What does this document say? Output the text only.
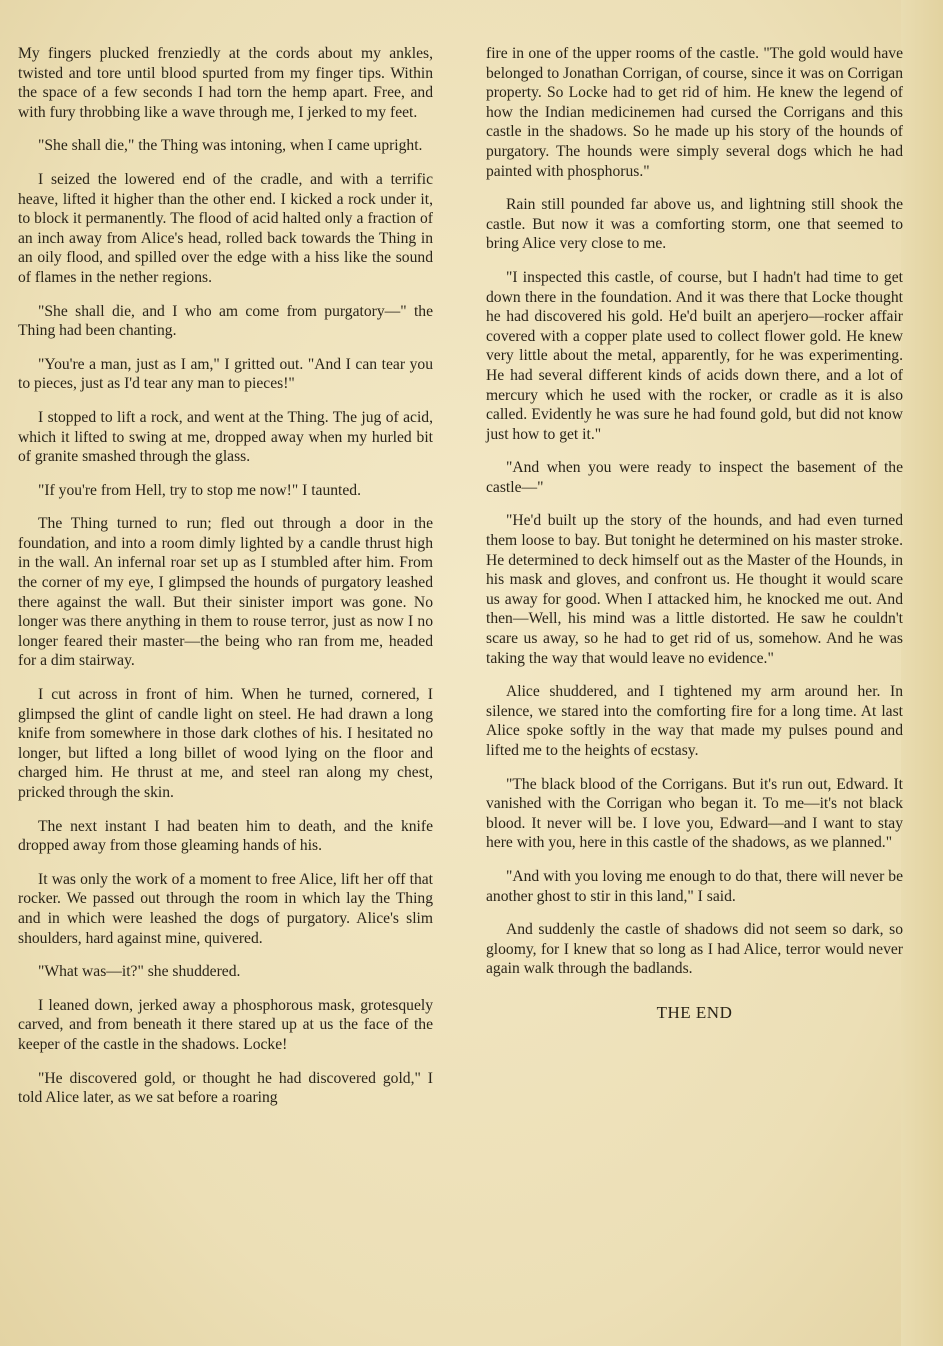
My fingers plucked frenziedly at the cords about my ankles, twisted and tore until blood spurted from my finger tips. Within the space of a few seconds I had torn the hemp apart. Free, and with fury throbbing like a wave through me, I jerked to my feet.

"She shall die," the Thing was intoning, when I came upright.

I seized the lowered end of the cradle, and with a terrific heave, lifted it higher than the other end. I kicked a rock under it, to block it permanently. The flood of acid halted only a fraction of an inch away from Alice's head, rolled back towards the Thing in an oily flood, and spilled over the edge with a hiss like the sound of flames in the nether regions.

"She shall die, and I who am come from purgatory—" the Thing had been chanting.

"You're a man, just as I am," I gritted out. "And I can tear you to pieces, just as I'd tear any man to pieces!"

I stopped to lift a rock, and went at the Thing. The jug of acid, which it lifted to swing at me, dropped away when my hurled bit of granite smashed through the glass.

"If you're from Hell, try to stop me now!" I taunted.

The Thing turned to run; fled out through a door in the foundation, and into a room dimly lighted by a candle thrust high in the wall. An infernal roar set up as I stumbled after him. From the corner of my eye, I glimpsed the hounds of purgatory leashed there against the wall. But their sinister import was gone. No longer was there anything in them to rouse terror, just as now I no longer feared their master—the being who ran from me, headed for a dim stairway.

I cut across in front of him. When he turned, cornered, I glimpsed the glint of candle light on steel. He had drawn a long knife from somewhere in those dark clothes of his. I hesitated no longer, but lifted a long billet of wood lying on the floor and charged him. He thrust at me, and steel ran along my chest, pricked through the skin.

The next instant I had beaten him to death, and the knife dropped away from those gleaming hands of his.

It was only the work of a moment to free Alice, lift her off that rocker. We passed out through the room in which lay the Thing and in which were leashed the dogs of purgatory. Alice's slim shoulders, hard against mine, quivered.

"What was—it?" she shuddered.

I leaned down, jerked away a phosphorous mask, grotesquely carved, and from beneath it there stared up at us the face of the keeper of the castle in the shadows. Locke!

"He discovered gold, or thought he had discovered gold," I told Alice later, as we sat before a roaring

fire in one of the upper rooms of the castle. "The gold would have belonged to Jonathan Corrigan, of course, since it was on Corrigan property. So Locke had to get rid of him. He knew the legend of how the Indian medicinemen had cursed the Corrigans and this castle in the shadows. So he made up his story of the hounds of purgatory. The hounds were simply several dogs which he had painted with phosphorus."

Rain still pounded far above us, and lightning still shook the castle. But now it was a comforting storm, one that seemed to bring Alice very close to me.

"I inspected this castle, of course, but I hadn't had time to get down there in the foundation. And it was there that Locke thought he had discovered his gold. He'd built an aperjero—rocker affair covered with a copper plate used to collect flower gold. He knew very little about the metal, apparently, for he was experimenting. He had several different kinds of acids down there, and a lot of mercury which he used with the rocker, or cradle as it is also called. Evidently he was sure he had found gold, but did not know just how to get it."

"And when you were ready to inspect the basement of the castle—"

"He'd built up the story of the hounds, and had even turned them loose to bay. But tonight he determined on his master stroke. He determined to deck himself out as the Master of the Hounds, in his mask and gloves, and confront us. He thought it would scare us away for good. When I attacked him, he knocked me out. And then—Well, his mind was a little distorted. He saw he couldn't scare us away, so he had to get rid of us, somehow. And he was taking the way that would leave no evidence."

Alice shuddered, and I tightened my arm around her. In silence, we stared into the comforting fire for a long time. At last Alice spoke softly in the way that made my pulses pound and lifted me to the heights of ecstasy.

"The black blood of the Corrigans. But it's run out, Edward. It vanished with the Corrigan who began it. To me—it's not black blood. It never will be. I love you, Edward—and I want to stay here with you, here in this castle of the shadows, as we planned."

"And with you loving me enough to do that, there will never be another ghost to stir in this land," I said.

And suddenly the castle of shadows did not seem so dark, so gloomy, for I knew that so long as I had Alice, terror would never again walk through the badlands.

THE END
